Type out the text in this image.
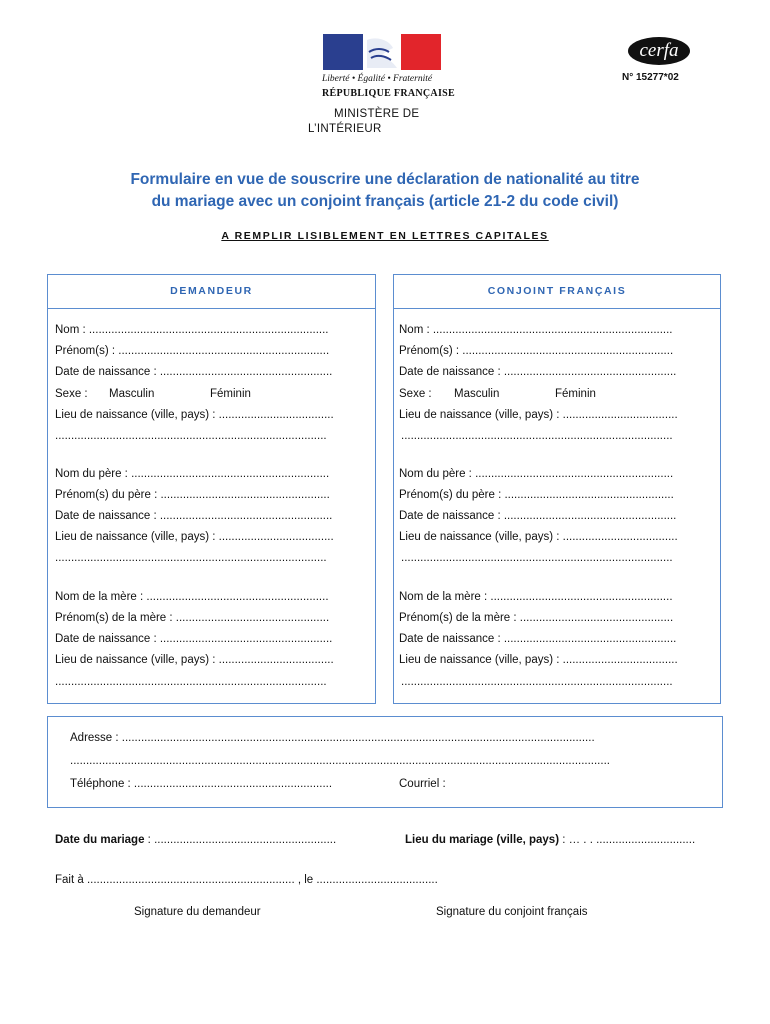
Liberté • Égalité • Fraternité
RÉPUBLIQUE FRANÇAISE
MINISTÈRE DE
L’INTÉRIEUR
cerfa
N° 15277*02
Formulaire en vue de souscrire une déclaration de nationalité au titre
du mariage avec un conjoint français (article 21-2 du code civil)
A REMPLIR LISIBLEMENT EN LETTRES CAPITALES
DEMANDEUR	CONJOINT FRANÇAIS
Nom : ...........................................................................
Prénom(s) : ..................................................................
Date de naissance : ......................................................
Sexe : Masculin	Féminin
Lieu de naissance (ville, pays) : ....................................
.....................................................................................
Nom du père : ..............................................................
Prénom(s) du père : .....................................................
Date de naissance : ......................................................
Lieu de naissance (ville, pays) : ....................................
.....................................................................................
Nom de la mère : .........................................................
Prénom(s) de la mère : ................................................
Date de naissance : ......................................................
Lieu de naissance (ville, pays) : ....................................
.....................................................................................
Nom : ...........................................................................
Prénom(s) : ..................................................................
Date de naissance : ......................................................
Sexe : Masculin	Féminin
Lieu de naissance (ville, pays) : ....................................
.....................................................................................
Nom du père : ..............................................................
Prénom(s) du père : .....................................................
Date de naissance : ......................................................
Lieu de naissance (ville, pays) : ....................................
.....................................................................................
Nom de la mère : .........................................................
Prénom(s) de la mère : ................................................
Date de naissance : ......................................................
Lieu de naissance (ville, pays) : ....................................
.....................................................................................
Adresse : ....................................................................................................................................................
.........................................................................................................................................................................
Téléphone : ..............................................................	Courriel :
Date du mariage : .........................................................	Lieu du mariage (ville, pays) : … . . ...............................
Fait à ................................................................. , le ......................................
Signature du demandeur	Signature du conjoint français
